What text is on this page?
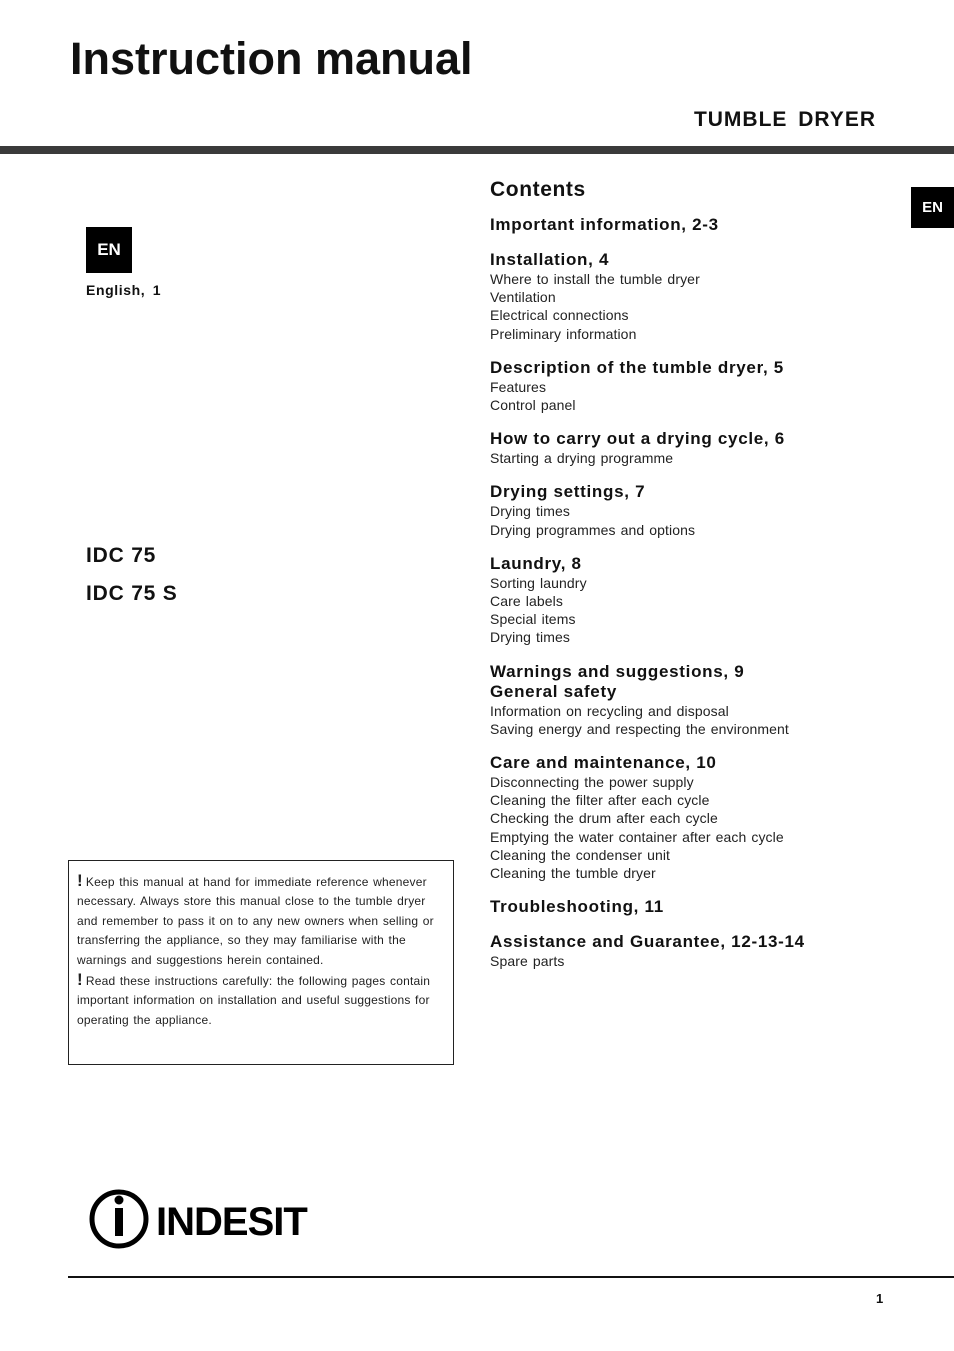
Instruction manual
TUMBLE DRYER
EN
English, 1
EN
IDC 75
IDC 75 S

! Keep this manual at hand for immediate reference whenever necessary. Always store this manual close to the tumble dryer and remember to pass it on to any new owners when selling or transferring the appliance, so they may familiarise with the warnings and suggestions herein contained.

! Read these instructions carefully: the following pages contain important information on installation and useful suggestions for operating the appliance.

Contents
Important information, 2-3
Installation, 4
Where to install the tumble dryer
Ventilation
Electrical connections
Preliminary information
Description of the tumble dryer, 5
Features
Control panel
How to carry out a drying cycle, 6
Starting a drying programme
Drying settings, 7
Drying times
Drying programmes and options
Laundry, 8
Sorting laundry
Care labels
Special items
Drying times
Warnings and suggestions, 9
General safety
Information on recycling and disposal
Saving energy and respecting the environment
Care and maintenance, 10
Disconnecting the power supply
Cleaning the filter after each cycle
Checking the drum after each cycle
Emptying the water container after each cycle
Cleaning the condenser unit
Cleaning the tumble dryer
Troubleshooting, 11
Assistance and Guarantee, 12-13-14
Spare parts
INDESIT
1
